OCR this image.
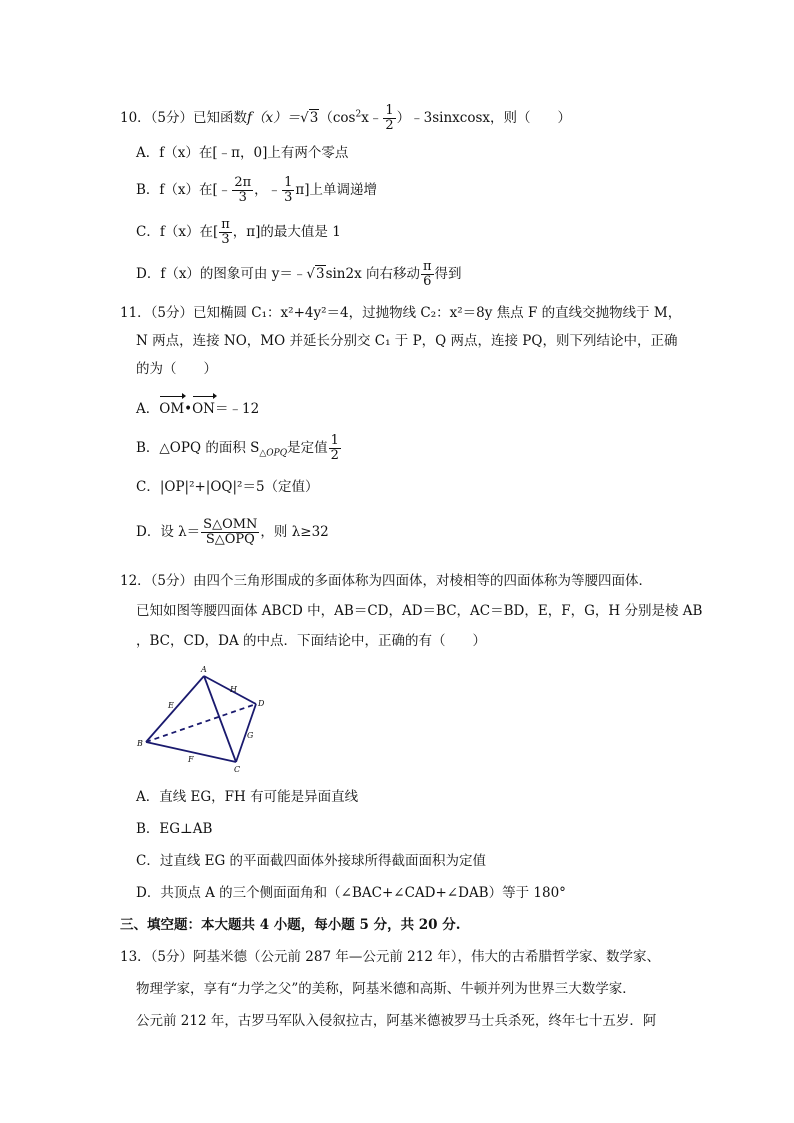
10．（5分）已知函数$f(x)=√3(\cos^2x﹣ \frac{1}{2}$ ）﹣3sinxcosx，则（　　）
A．f（x）在[﹣π，0]上有两个零点
B．f（x）在[﹣ $\frac{2\pi}{3}$ ，﹣ $\frac{1}{3} \pi$]上单调递增
C．f（x）在[ $\frac{\pi}{3}$ ，π]的最大值是 1
D．f（x）的图象可由 y＝﹣√3sin2x 向右移动 $\frac{\pi}{6}$ 得到
11．（5分）已知椭圆 C₁：x²+4y²＝4，过抛物线 C₂：x²＝8y 焦点 F 的直线交抛物线于 M，
N 两点，连接 NO，MO 并延长分别交 C₁ 于 P，Q 两点，连接 PQ，则下列结论中，正确
的为（　　）
A．OM•ON＝﹣12
B．△OPQ 的面积 $S_{\triangle OPQ}$是定值 $\frac{1}{2}$
C．|OP|²+|OQ|²＝5（定值）
D．设 $\lambda= \frac{\text{S△OMN}}{\text{S△OPQ}}$ ，则 λ≥32
12．（5分）由四个三角形围成的多面体称为四面体，对棱相等的四面体称为等腰四面体．
已知如图等腰四面体 ABCD 中，AB＝CD，AD＝BC，AC＝BD，E，F，G，H 分别是棱 AB
，BC，CD，DA 的中点．下面结论中，正确的有（　　）
A
B
C
D
E
F
G
H
A．直线 EG，FH 有可能是异面直线
B．EG⊥AB
C．过直线 EG 的平面截四面体外接球所得截面面积为定值
D．共顶点 A 的三个侧面面角和（∠BAC+∠CAD+∠DAB）等于 180°
三、填空题：本大题共 4 小题，每小题 5 分，共 20 分.
13．（5分）阿基米德（公元前 287 年—公元前 212 年），伟大的古希腊哲学家、数学家、
物理学家，享有“力学之父”的美称，阿基米德和高斯、牛顿并列为世界三大数学家．
公元前 212 年，古罗马军队入侵叙拉古，阿基米德被罗马士兵杀死，终年七十五岁．阿
